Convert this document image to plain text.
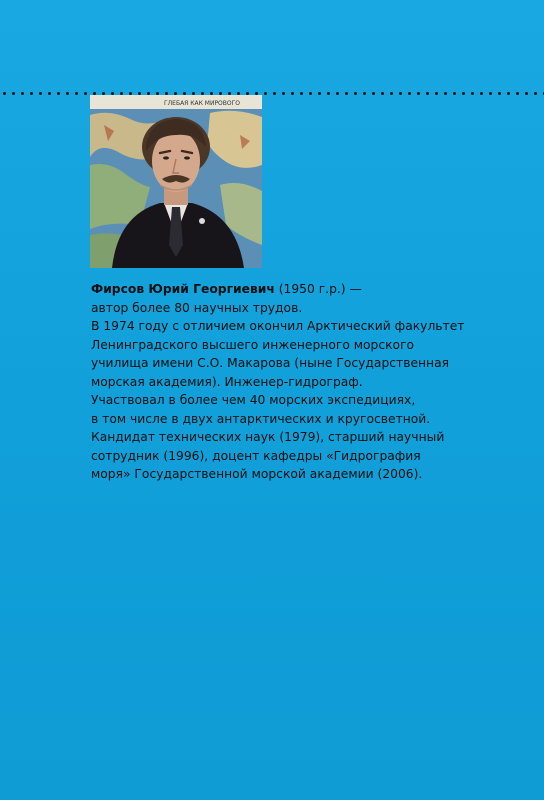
ГЛЕБАЯ КАК МИРОВОГО
Фирсов Юрий Георгиевич (1950 г.р.) —
автор более 80 научных трудов.
В 1974 году с отличием окончил Арктический факультет
Ленинградского высшего инженерного морского
училища имени С.О. Макарова (ныне Государственная
морская академия). Инженер-гидрограф.
Участвовал в более чем 40 морских экспедициях,
в том числе в двух антарктических и кругосветной.
Кандидат технических наук (1979), старший научный
сотрудник (1996), доцент кафедры «Гидрография
моря» Государственной морской академии (2006).
